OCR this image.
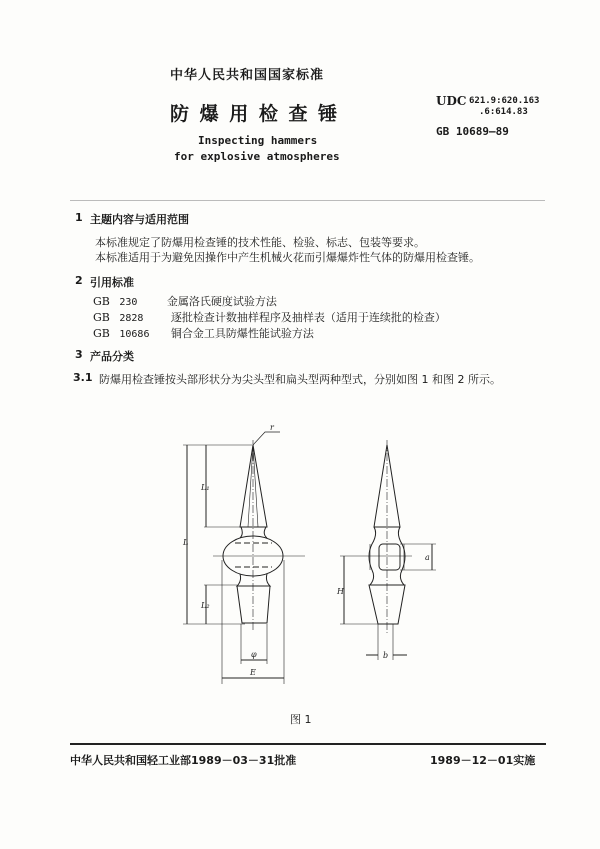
中华人民共和国国家标准
防 爆 用 检 查 锤
Inspecting hammers
for explosive atmospheres
UDC 621.9:620.163
.6:614.83
GB 10689—89
1 主题内容与适用范围
本标准规定了防爆用检查锤的技术性能、检验、标志、包装等要求。
本标准适用于为避免因操作中产生机械火花而引爆爆炸性气体的防爆用检查锤。
2 引用标准
GB 230	金属洛氏硬度试验方法
GB 2828 逐批检查计数抽样程序及抽样表（适用于连续批的检查）
GB 10686 铜合金工具防爆性能试验方法
3 产品分类
3.1 防爆用检查锤按头部形状分为尖头型和扁头型两种型式，分别如图 1 和图 2 所示。
r
L
L₁
L₂
φ
E
H
a
b
图 1
中华人民共和国轻工业部1989－03－31批准	1989－12－01实施
